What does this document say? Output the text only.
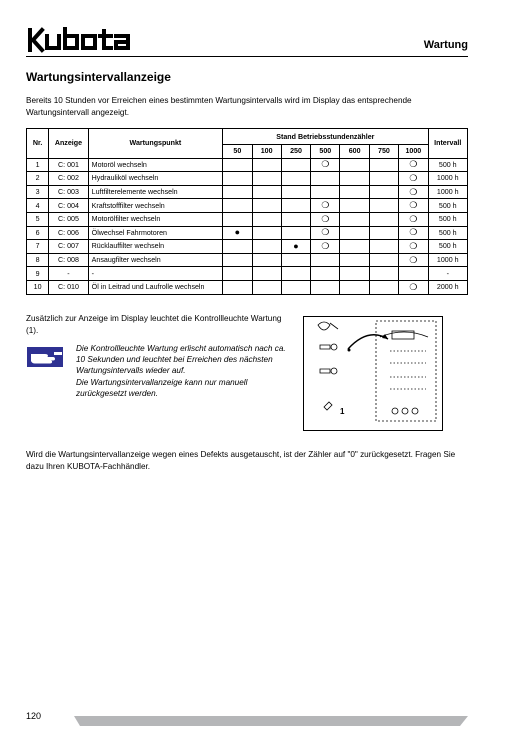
Wartung
Wartungsintervallanzeige
Bereits 10 Stunden vor Erreichen eines bestimmten Wartungsintervalls wird im Display das entsprechende Wartungsintervall angezeigt.
Nr.	Anzeige	Wartungspunkt	Stand Betriebsstundenzähler							Intervall
			50	100	250	500	600	750	1000	
1	C: 001	Motoröl wechseln				❍			❍	500 h
2	C: 002	Hydrauliköl wechseln							❍	1000 h
3	C: 003	Luftfilterelemente wechseln							❍	1000 h
4	C: 004	Kraftstofffilter wechseln				❍			❍	500 h
5	C: 005	Motorölfilter wechseln				❍			❍	500 h
6	C: 006	Ölwechsel Fahrmotoren	●			❍			❍	500 h
7	C: 007	Rücklauffilter wechseln			●	❍			❍	500 h
8	C: 008	Ansaugfilter wechseln							❍	1000 h
9	-	-								-
10	C: 010	Öl in Leitrad und Laufrolle wechseln							❍	2000 h
Zusätzlich zur Anzeige im Display leuchtet die Kontrollleuchte Wartung (1).

Die Kontrollleuchte Wartung erlischt automatisch nach ca. 10 Sekunden und leuchtet bei Erreichen des nächsten Wartungsintervalls wieder auf.

Die Wartungsintervallanzeige kann nur manuell zurückgesetzt werden.

1
Wird die Wartungsintervallanzeige wegen eines Defekts ausgetauscht, ist der Zähler auf "0" zurückgesetzt. Fragen Sie dazu Ihren KUBOTA-Fachhändler.
120
